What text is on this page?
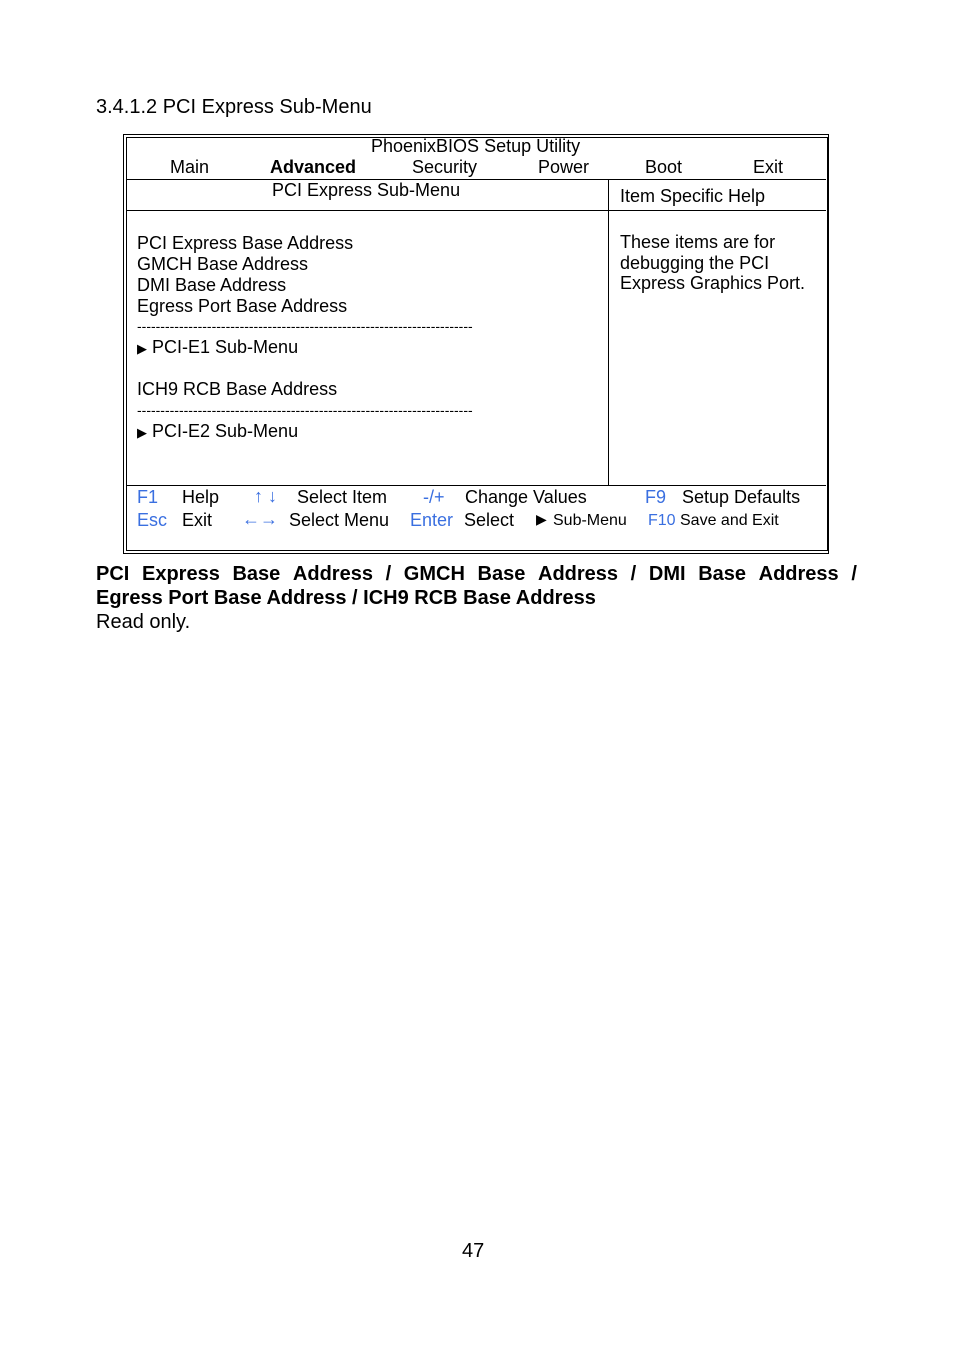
3.4.1.2 PCI Express Sub-Menu
PhoenixBIOS Setup Utility
Main	Advanced	Security	Power	Boot	Exit
PCI Express Sub-Menu	Item Specific Help
PCI Express Base Address
GMCH Base Address
DMI Base Address
Egress Port Base Address
------------------------------------------------------------------------
▶ PCI-E1 Sub-Menu
ICH9 RCB Base Address
------------------------------------------------------------------------
▶ PCI-E2 Sub-Menu
These items are for
debugging the PCI
Express Graphics Port.
F1 Help ↑ ↓ Select Item -/+ Change Values	F9 Setup Defaults
Esc Exit ←→ Select Menu Enter Select ▶ Sub-Menu F10 Save and Exit
PCI Express Base Address / GMCH Base Address / DMI Base Address /
Egress Port Base Address / ICH9 RCB Base Address
Read only.
47
